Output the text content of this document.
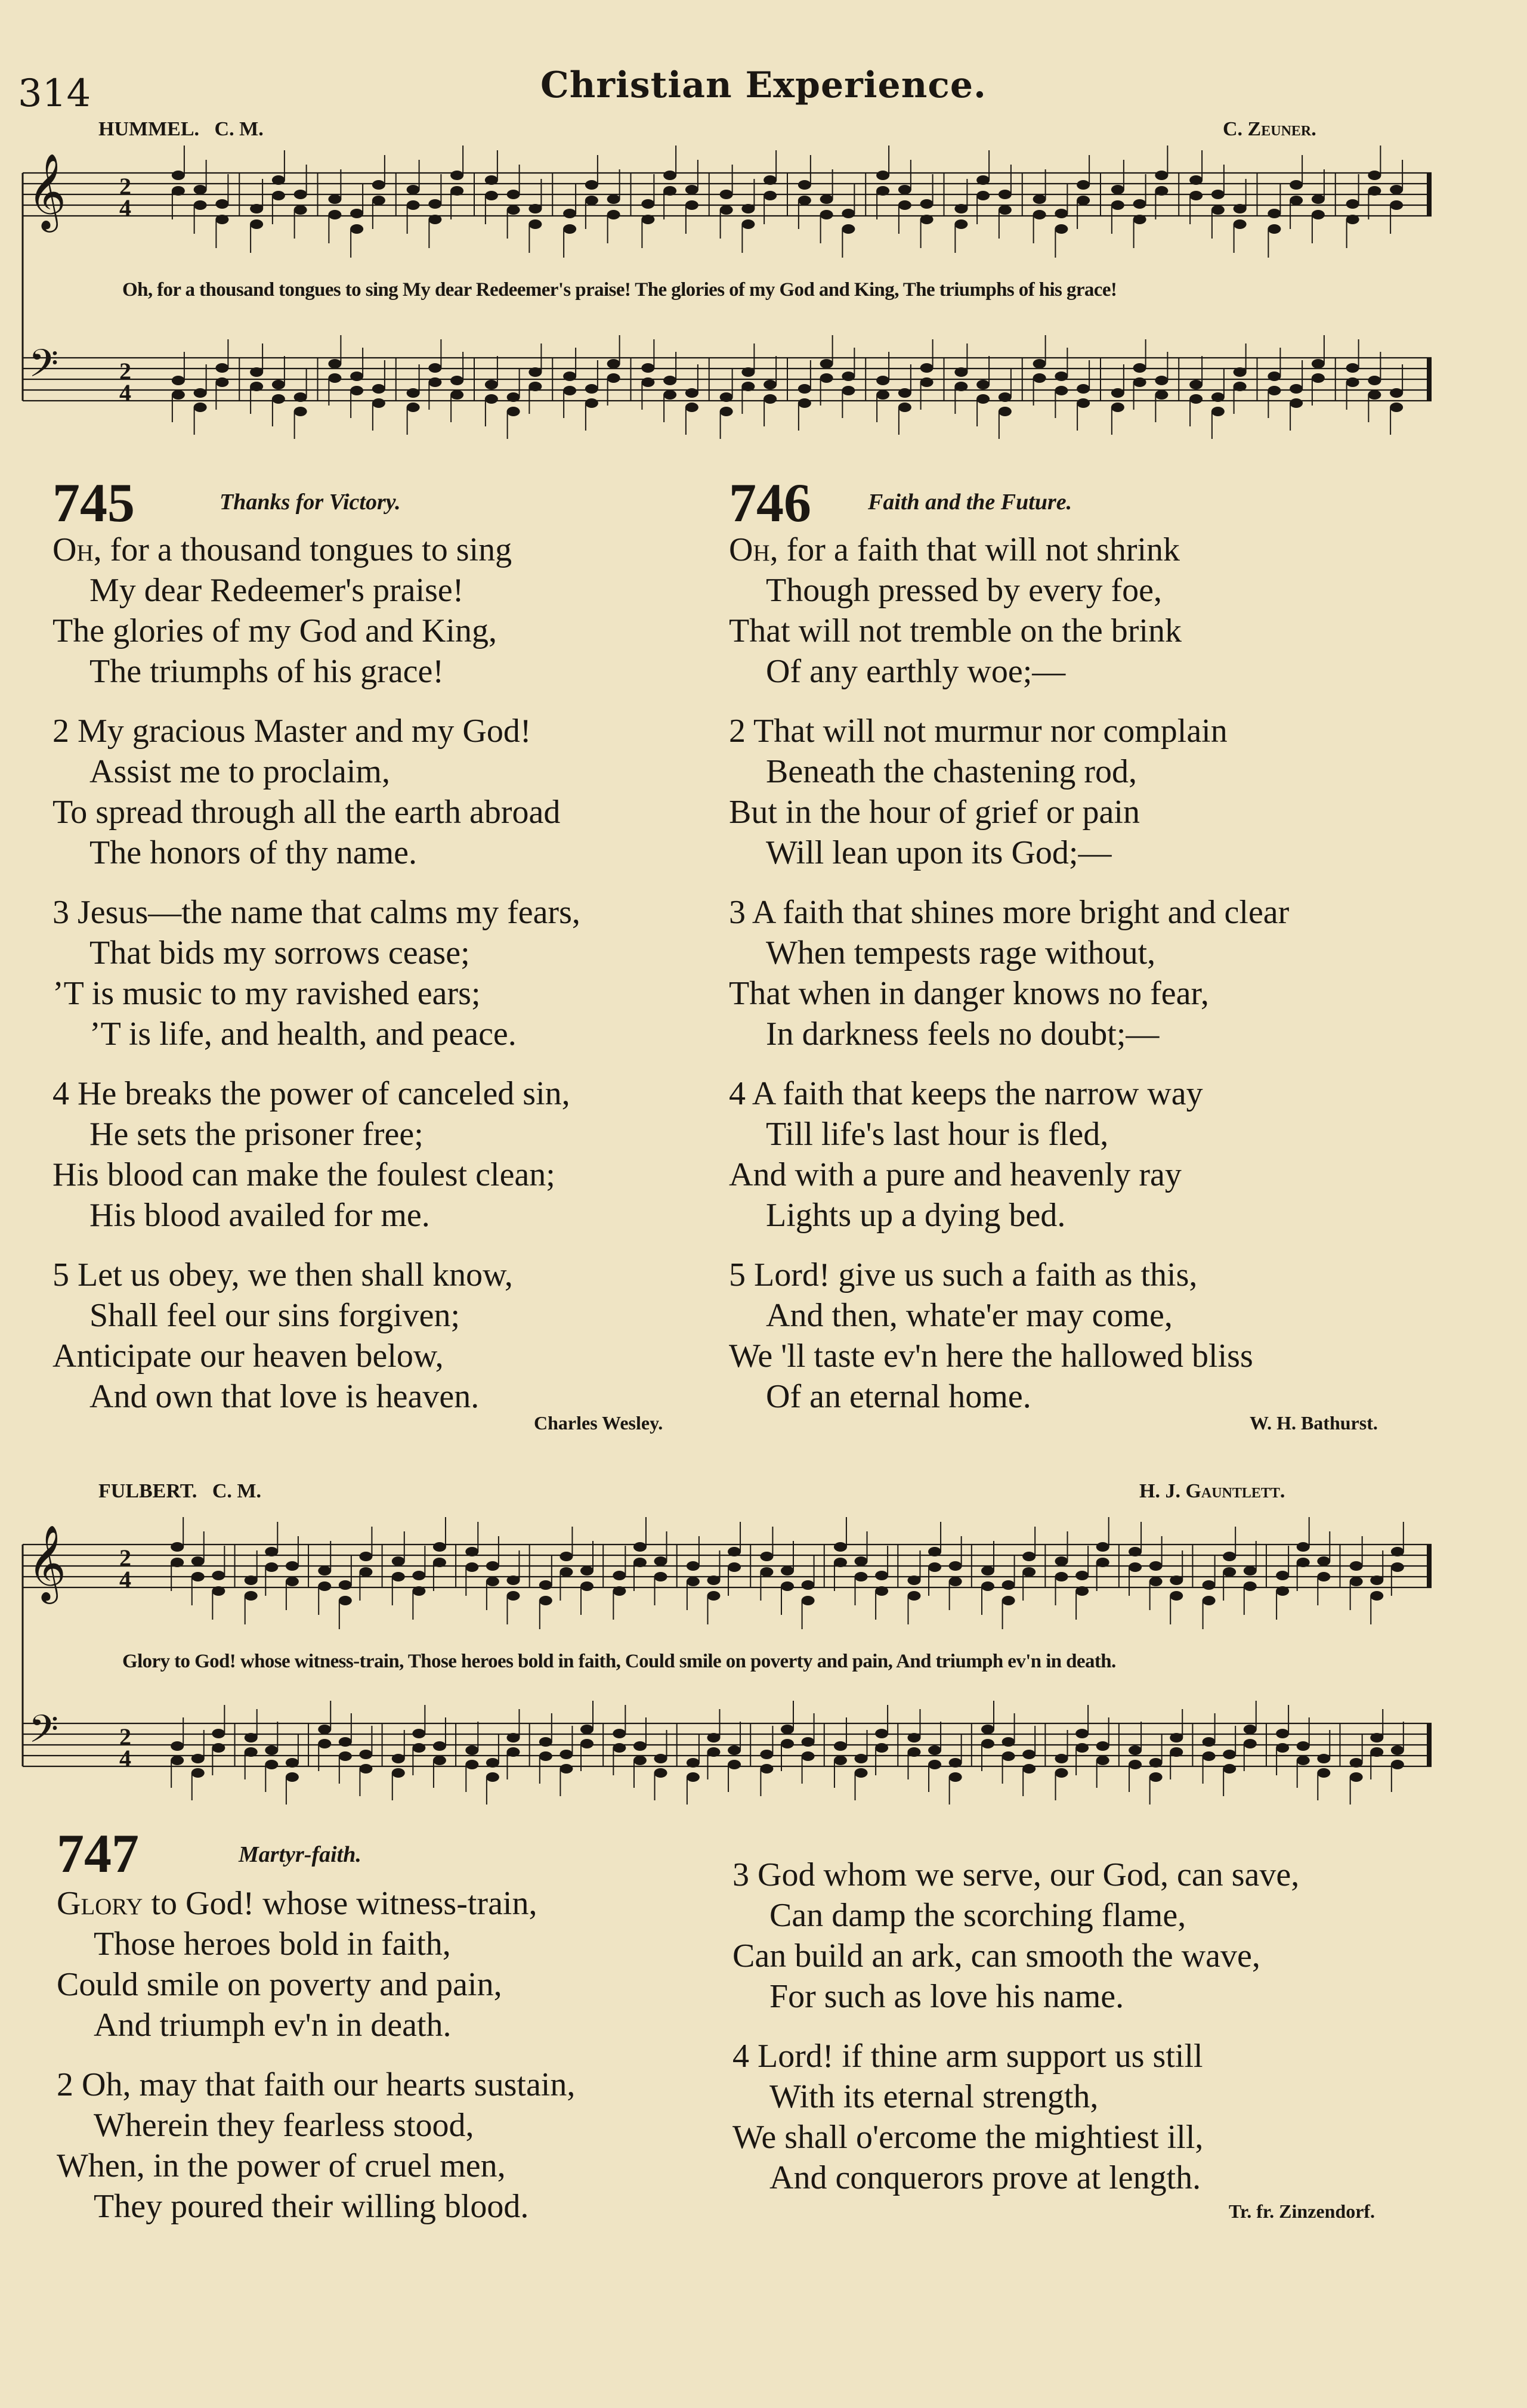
314	Christian Experience.
HUMMEL. C. M.	C. Zeuner.
𝄞
𝄢
2
4
2
4
Oh, for a thousand tongues to sing My dear Redeemer's praise! The glories of my God and King, The triumphs of his grace!
745	Thanks for Victory.
Oh, for a thousand tongues to sing
My dear Redeemer's praise!
The glories of my God and King,
The triumphs of his grace!
2 My gracious Master and my God!
Assist me to proclaim,
To spread through all the earth abroad
The honors of thy name.
3 Jesus—the name that calms my fears,
That bids my sorrows cease;
’T is music to my ravished ears;
’T is life, and health, and peace.
4 He breaks the power of canceled sin,
He sets the prisoner free;
His blood can make the foulest clean;
His blood availed for me.
5 Let us obey, we then shall know,
Shall feel our sins forgiven;
Anticipate our heaven below,
And own that love is heaven.
Charles Wesley.
746	Faith and the Future.
Oh, for a faith that will not shrink
Though pressed by every foe,
That will not tremble on the brink
Of any earthly woe;—
2 That will not murmur nor complain
Beneath the chastening rod,
But in the hour of grief or pain
Will lean upon its God;—
3 A faith that shines more bright and clear
When tempests rage without,
That when in danger knows no fear,
In darkness feels no doubt;—
4 A faith that keeps the narrow way
Till life's last hour is fled,
And with a pure and heavenly ray
Lights up a dying bed.
5 Lord! give us such a faith as this,
And then, whate'er may come,
We 'll taste ev'n here the hallowed bliss
Of an eternal home.
W. H. Bathurst.
FULBERT. C. M.	H. J. Gauntlett.
𝄞
𝄢
2
4
2
4
Glory to God! whose witness-train, Those heroes bold in faith, Could smile on poverty and pain, And triumph ev'n in death.
747	Martyr-faith.
Glory to God! whose witness-train,
Those heroes bold in faith,
Could smile on poverty and pain,
And triumph ev'n in death.
2 Oh, may that faith our hearts sustain,
Wherein they fearless stood,
When, in the power of cruel men,
They poured their willing blood.
3 God whom we serve, our God, can save,
Can damp the scorching flame,
Can build an ark, can smooth the wave,
For such as love his name.
4 Lord! if thine arm support us still
With its eternal strength,
We shall o'ercome the mightiest ill,
And conquerors prove at length.
Tr. fr. Zinzendorf.
